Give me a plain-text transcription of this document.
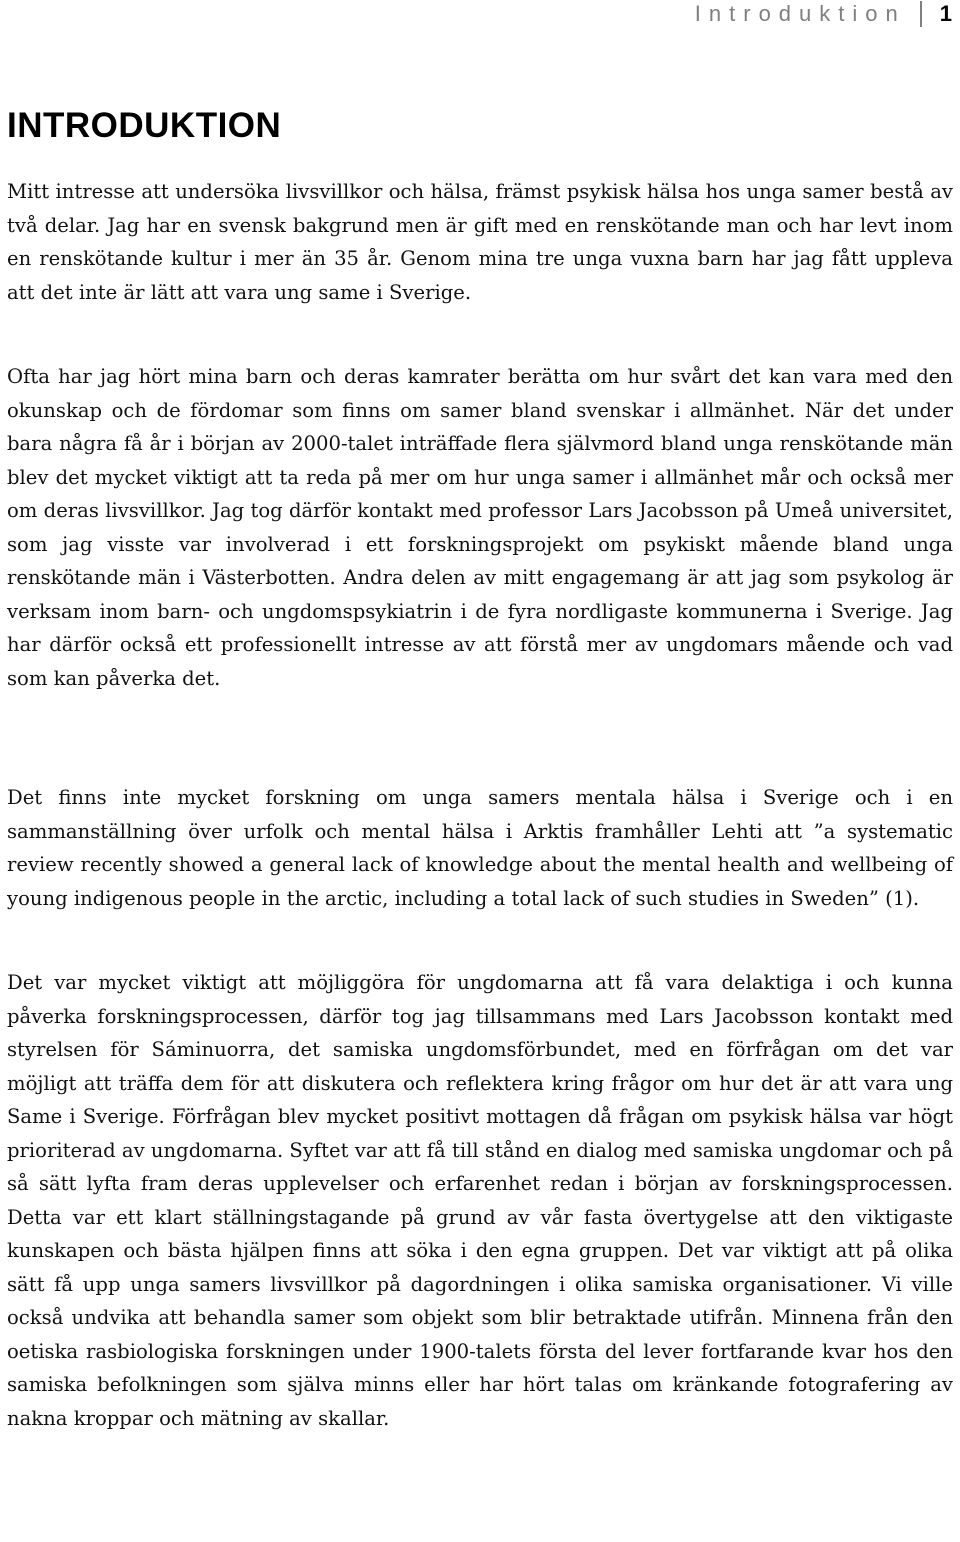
Introduktion 1
INTRODUKTION

Mitt intresse att undersöka livsvillkor och hälsa, främst psykisk hälsa hos unga samer bestå av två delar. Jag har en svensk bakgrund men är gift med en renskötande man och har levt inom en renskötande kultur i mer än 35 år. Genom mina tre unga vuxna barn har jag fått uppleva att det inte är lätt att vara ung same i Sverige.

Ofta har jag hört mina barn och deras kamrater berätta om hur svårt det kan vara med den okunskap och de fördomar som finns om samer bland svenskar i allmänhet. När det under bara några få år i början av 2000-talet inträffade flera självmord bland unga renskötande män blev det mycket viktigt att ta reda på mer om hur unga samer i allmänhet mår och också mer om deras livsvillkor. Jag tog därför kontakt med professor Lars Jacobsson på Umeå universitet, som jag visste var involverad i ett forskningsprojekt om psykiskt mående bland unga renskötande män i Västerbotten. Andra delen av mitt engagemang är att jag som psykolog är verksam inom barn- och ungdomspsykiatrin i de fyra nordligaste kommunerna i Sverige. Jag har därför också ett professionellt intresse av att förstå mer av ungdomars mående och vad som kan påverka det.

Det finns inte mycket forskning om unga samers mentala hälsa i Sverige och i en sammanställning över urfolk och mental hälsa i Arktis framhåller Lehti att ”a systematic review recently showed a general lack of knowledge about the mental health and wellbeing of young indigenous people in the arctic, including a total lack of such studies in Sweden” (1).

Det var mycket viktigt att möjliggöra för ungdomarna att få vara delaktiga i och kunna påverka forskningsprocessen, därför tog jag tillsammans med Lars Jacobsson kontakt med styrelsen för Sáminuorra, det samiska ungdomsförbundet, med en förfrågan om det var möjligt att träffa dem för att diskutera och reflektera kring frågor om hur det är att vara ung Same i Sverige. Förfrågan blev mycket positivt mottagen då frågan om psykisk hälsa var högt prioriterad av ungdomarna. Syftet var att få till stånd en dialog med samiska ungdomar och på så sätt lyfta fram deras upplevelser och erfarenhet redan i början av forskningsprocessen. Detta var ett klart ställningstagande på grund av vår fasta övertygelse att den viktigaste kunskapen och bästa hjälpen finns att söka i den egna gruppen. Det var viktigt att på olika sätt få upp unga samers livsvillkor på dagordningen i olika samiska organisationer. Vi ville också undvika att behandla samer som objekt som blir betraktade utifrån. Minnena från den oetiska rasbiologiska forskningen under 1900-talets första del lever fortfarande kvar hos den samiska befolkningen som själva minns eller har hört talas om kränkande fotografering av nakna kroppar och mätning av skallar.
